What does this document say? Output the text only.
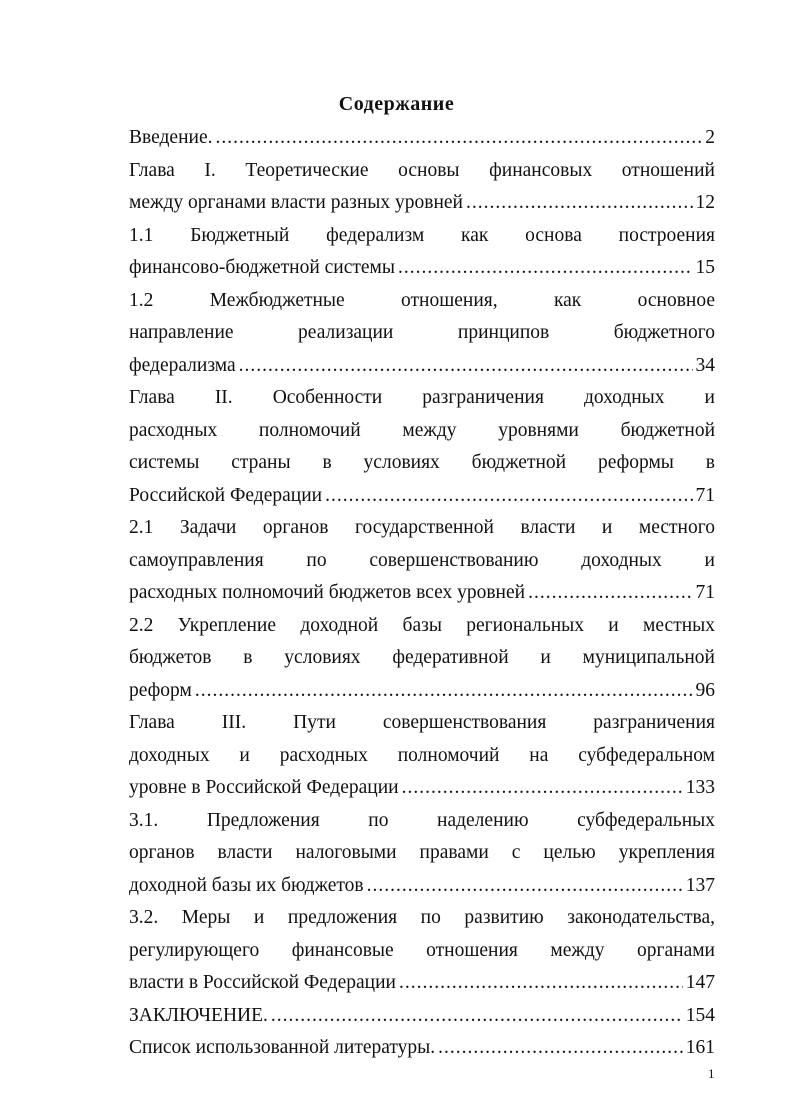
Содержание
Введение. .....	2
Глава I. Теоретические основы финансовых отношений
между органами власти разных уровней .....	12
1.1 Бюджетный федерализм как основа построения
финансово-бюджетной системы .....	15
1.2 Межбюджетные отношения, как основное
направление реализации принципов бюджетного
федерализма .....	34
Глава II. Особенности разграничения доходных и
расходных полномочий между уровнями бюджетной
системы страны в условиях бюджетной реформы в
Российской Федерации .....	71
2.1 Задачи органов государственной власти и местного
самоуправления по совершенствованию доходных и
расходных полномочий бюджетов всех уровней .....	71
2.2 Укрепление доходной базы региональных и местных
бюджетов в условиях федеративной и муниципальной
реформ .....	96
Глава III. Пути совершенствования разграничения
доходных и расходных полномочий на субфедеральном
уровне в Российской Федерации .....	133
3.1. Предложения по наделению субфедеральных
органов власти налоговыми правами с целью укрепления
доходной базы их бюджетов .....	137
3.2. Меры и предложения по развитию законодательства,
регулирующего финансовые отношения между органами
власти в Российской Федерации .....	147
ЗАКЛЮЧЕНИЕ. .....	154
Список использованной литературы. .....	161
1
